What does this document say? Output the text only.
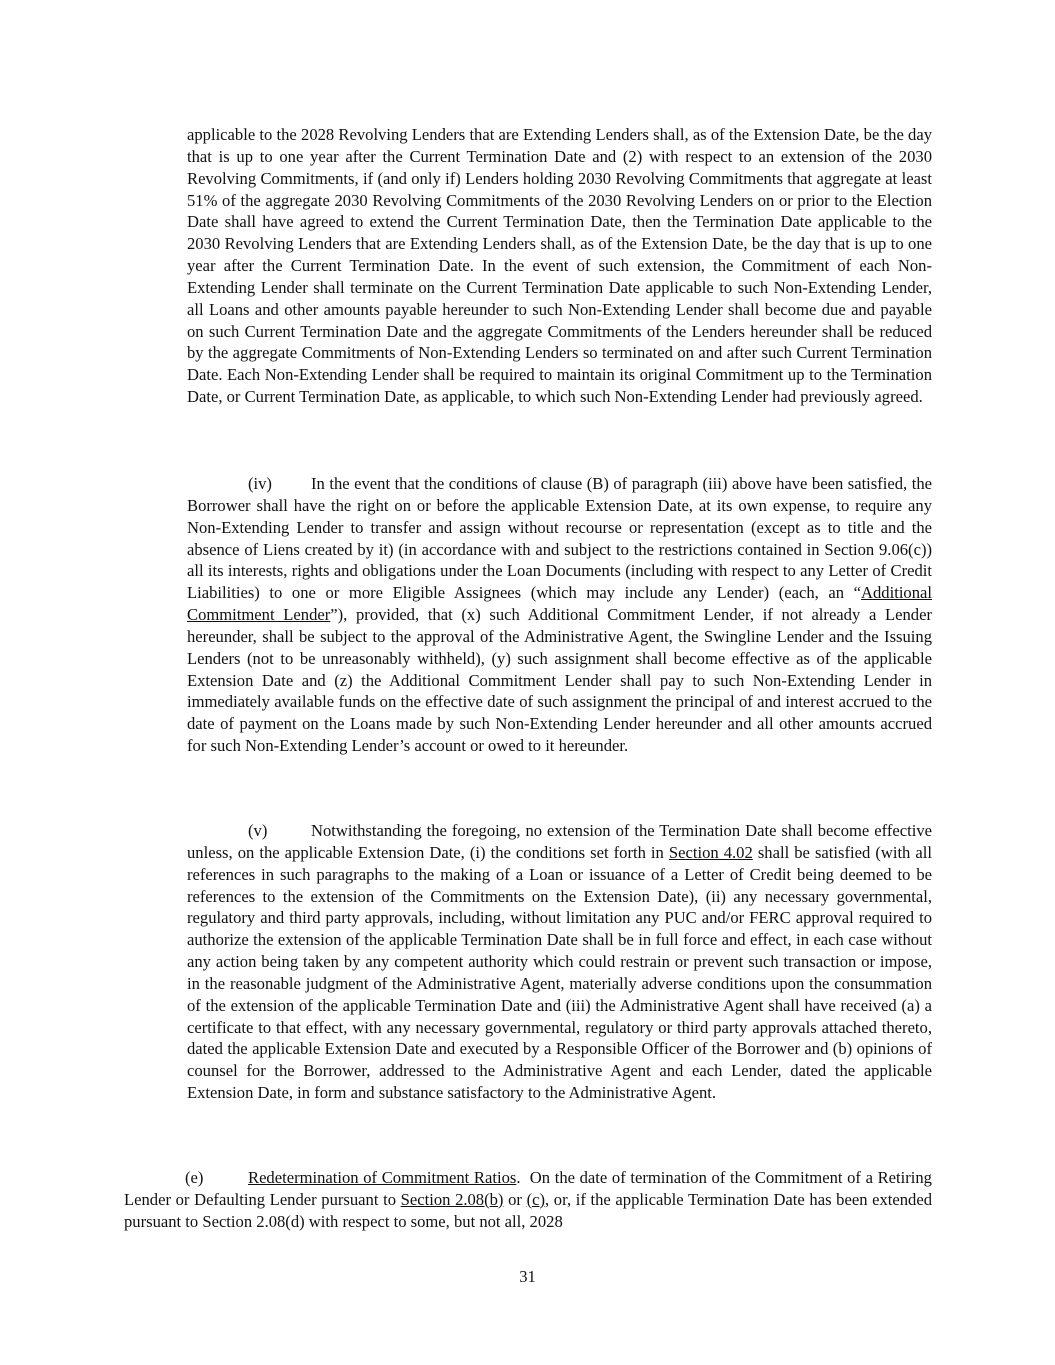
applicable to the 2028 Revolving Lenders that are Extending Lenders shall, as of the Extension Date, be the day that is up to one year after the Current Termination Date and (2) with respect to an extension of the 2030 Revolving Commitments, if (and only if) Lenders holding 2030 Revolving Commitments that aggregate at least 51% of the aggregate 2030 Revolving Commitments of the 2030 Revolving Lenders on or prior to the Election Date shall have agreed to extend the Current Termination Date, then the Termination Date applicable to the 2030 Revolving Lenders that are Extending Lenders shall, as of the Extension Date, be the day that is up to one year after the Current Termination Date. In the event of such extension, the Commitment of each Non-Extending Lender shall terminate on the Current Termination Date applicable to such Non-Extending Lender, all Loans and other amounts payable hereunder to such Non-Extending Lender shall become due and payable on such Current Termination Date and the aggregate Commitments of the Lenders hereunder shall be reduced by the aggregate Commitments of Non-Extending Lenders so terminated on and after such Current Termination Date. Each Non-Extending Lender shall be required to maintain its original Commitment up to the Termination Date, or Current Termination Date, as applicable, to which such Non-Extending Lender had previously agreed.

(iv) In the event that the conditions of clause (B) of paragraph (iii) above have been satisfied, the Borrower shall have the right on or before the applicable Extension Date, at its own expense, to require any Non-Extending Lender to transfer and assign without recourse or representation (except as to title and the absence of Liens created by it) (in accordance with and subject to the restrictions contained in Section 9.06(c)) all its interests, rights and obligations under the Loan Documents (including with respect to any Letter of Credit Liabilities) to one or more Eligible Assignees (which may include any Lender) (each, an “Additional Commitment Lender”), provided, that (x) such Additional Commitment Lender, if not already a Lender hereunder, shall be subject to the approval of the Administrative Agent, the Swingline Lender and the Issuing Lenders (not to be unreasonably withheld), (y) such assignment shall become effective as of the applicable Extension Date and (z) the Additional Commitment Lender shall pay to such Non-Extending Lender in immediately available funds on the effective date of such assignment the principal of and interest accrued to the date of payment on the Loans made by such Non-Extending Lender hereunder and all other amounts accrued for such Non-Extending Lender’s account or owed to it hereunder.

(v)	Notwithstanding the foregoing, no extension of the Termination Date shall become effective unless, on the applicable Extension Date, (i) the conditions set forth in Section 4.02 shall be satisfied (with all references in such paragraphs to the making of a Loan or issuance of a Letter of Credit being deemed to be references to the extension of the Commitments on the Extension Date), (ii) any necessary governmental, regulatory and third party approvals, including, without limitation any PUC and/or FERC approval required to authorize the extension of the applicable Termination Date shall be in full force and effect, in each case without any action being taken by any competent authority which could restrain or prevent such transaction or impose, in the reasonable judgment of the Administrative Agent, materially adverse conditions upon the consummation of the extension of the applicable Termination Date and (iii) the Administrative Agent shall have received (a) a certificate to that effect, with any necessary governmental, regulatory or third party approvals attached thereto, dated the applicable Extension Date and executed by a Responsible Officer of the Borrower and (b) opinions of counsel for the Borrower, addressed to the Administrative Agent and each Lender, dated the applicable Extension Date, in form and substance satisfactory to the Administrative Agent.

(e)	Redetermination of Commitment Ratios.  On the date of termination of the Commitment of a Retiring Lender or Defaulting Lender pursuant to Section 2.08(b) or (c), or, if the applicable Termination Date has been extended pursuant to Section 2.08(d) with respect to some, but not all, 2028

31
